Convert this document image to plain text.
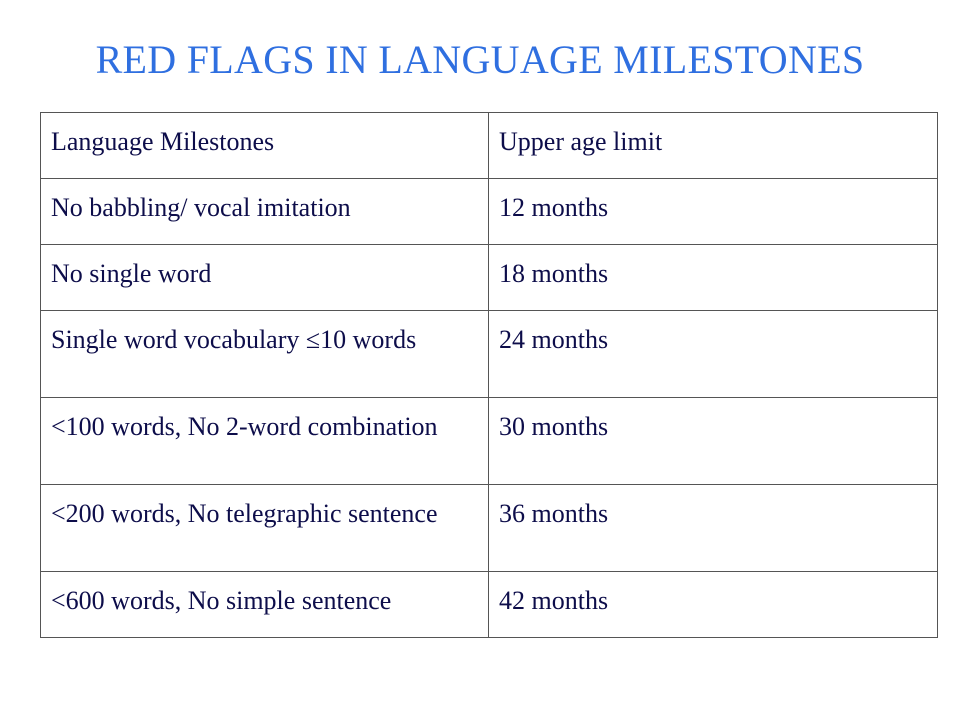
RED FLAGS IN LANGUAGE MILESTONES
Language Milestones	Upper age limit
No babbling/ vocal imitation	12 months
No single word	18 months
Single word vocabulary ≤10 words	24 months
<100 words, No 2-word combination	30 months
<200 words, No telegraphic sentence	36 months
<600 words, No simple sentence	42 months
